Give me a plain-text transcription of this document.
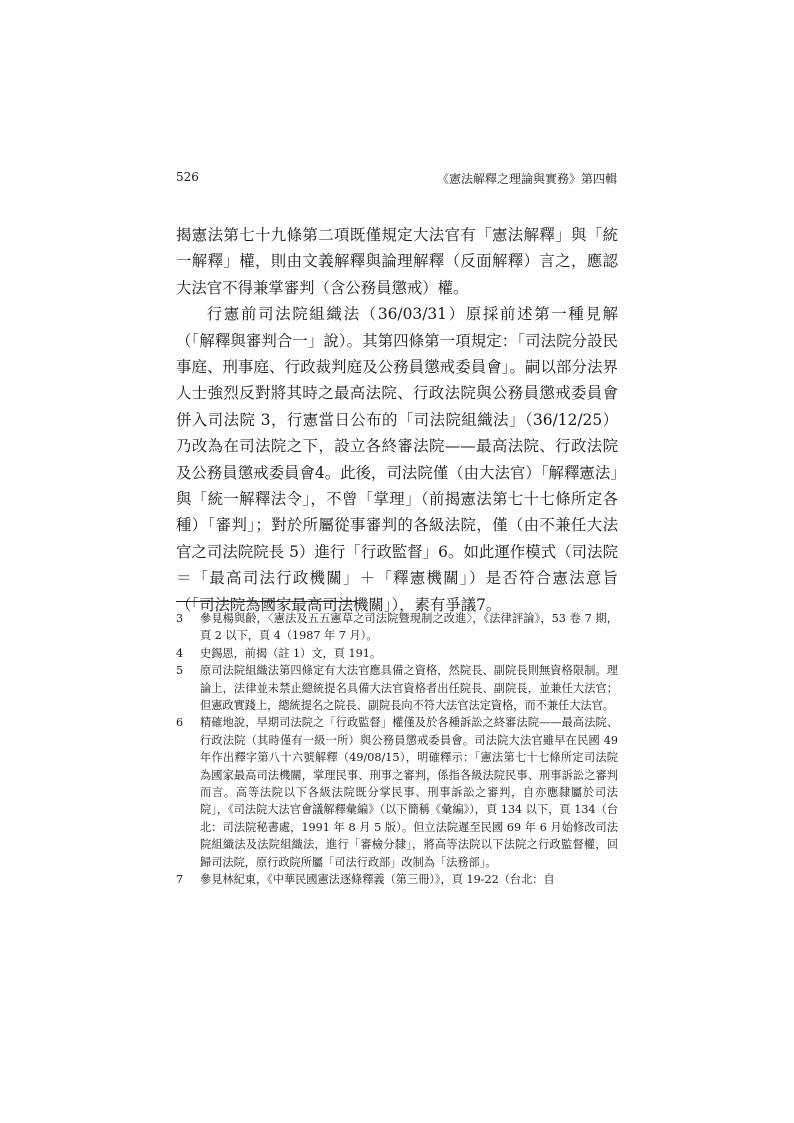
526	《憲法解釋之理論與實務》第四輯

揭憲法第七十九條第二項既僅規定大法官有「憲法解釋」與「統一解釋」權，則由文義解釋與論理解釋（反面解釋）言之，應認大法官不得兼掌審判（含公務員懲戒）權。

行憲前司法院組織法（36/03/31）原採前述第一種見解（「解釋與審判合一」說）。其第四條第一項規定：「司法院分設民事庭、刑事庭、行政裁判庭及公務員懲戒委員會」。嗣以部分法界人士強烈反對將其時之最高法院、行政法院與公務員懲戒委員會併入司法院 3，行憲當日公布的「司法院組織法」（36/12/25）乃改為在司法院之下，設立各終審法院——最高法院、行政法院及公務員懲戒委員會4。此後，司法院僅（由大法官）「解釋憲法」與「統一解釋法令」，不曾「掌理」（前揭憲法第七十七條所定各種）「審判」；對於所屬從事審判的各級法院，僅（由不兼任大法官之司法院院長 5）進行「行政監督」6。如此運作模式（司法院＝「最高司法行政機關」＋「釋憲機關」）是否符合憲法意旨（「司法院為國家最高司法機關」），素有爭議7。

3	參見楊與齡，〈憲法及五五憲草之司法院暨現制之改進〉，《法律評論》，53 卷 7 期，頁 2 以下，頁 4（1987 年 7 月）。
4	史錫恩，前揭（註 1）文，頁 191。
5	原司法院組織法第四條定有大法官應具備之資格，然院長、副院長則無資格限制。理論上，法律並未禁止總統提名具備大法官資格者出任院長、副院長，並兼任大法官；但憲政實踐上，總統提名之院長、副院長向不符大法官法定資格，而不兼任大法官。
6	精確地說，早期司法院之「行政監督」權僅及於各種訴訟之終審法院——最高法院、行政法院（其時僅有一級一所）與公務員懲戒委員會。司法院大法官雖早在民國 49 年作出釋字第八十六號解釋（49/08/15），明確釋示：「憲法第七十七條所定司法院為國家最高司法機關，掌理民事、刑事之審判，係指各級法院民事、刑事訴訟之審判而言。高等法院以下各級法院既分掌民事、刑事訴訟之審判，自亦應隸屬於司法院」，《司法院大法官會議解釋彙編》（以下簡稱《彙編》），頁 134 以下，頁 134（台北：司法院秘書處，1991 年 8 月 5 版）。但立法院遲至民國 69 年 6 月始修改司法院組織法及法院組織法，進行「審檢分隸」，將高等法院以下法院之行政監督權，回歸司法院，原行政院所屬「司法行政部」改制為「法務部」。
7	參見林紀東，《中華民國憲法逐條釋義（第三冊）》，頁 19-22（台北：自
